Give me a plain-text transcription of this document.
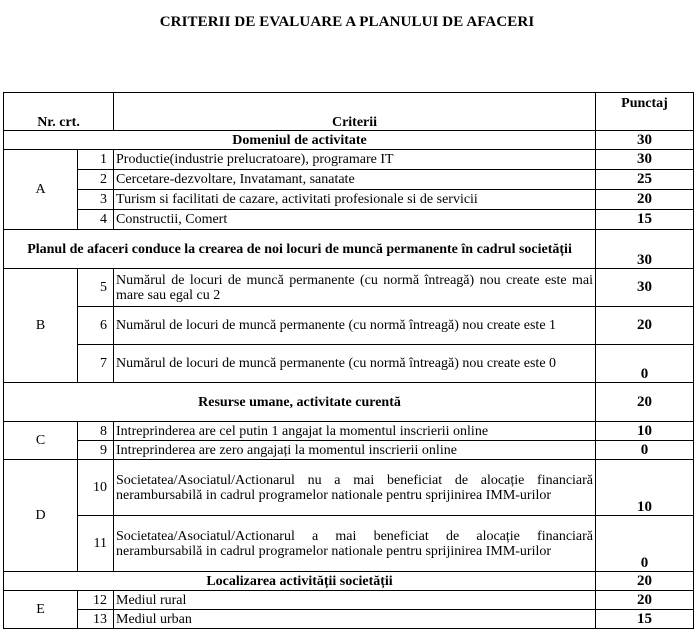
CRITERII DE EVALUARE A PLANULUI DE AFACERI
Nr. crt.		Criterii	Punctaj
Domeniul de activitate			30
A	1	Productie(industrie prelucratoare), programare IT	30
	2	Cercetare-dezvoltare, Invatamant, sanatate	25
	3	Turism si facilitati de cazare, activitati profesionale si de servicii	20
	4	Constructii, Comert	15
Planul de afaceri conduce la crearea de noi locuri de muncă permanente în cadrul societății			30
B	5	Numărul de locuri de muncă permanente (cu normă întreagă) nou create este mai mare sau egal cu 2	30
	6	Numărul de locuri de muncă permanente (cu normă întreagă) nou create este 1	20
	7	Numărul de locuri de muncă permanente (cu normă întreagă) nou create este 0	0
Resurse umane, activitate curentă			20
C	8	Intreprinderea are cel putin 1 angajat la momentul inscrierii online	10
	9	Intreprinderea are zero angajați la momentul inscrierii online	0
D	10	Societatea/Asociatul/Actionarul nu a mai beneficiat de alocație financiară nerambursabilă in cadrul programelor nationale pentru sprijinirea IMM-urilor	10
	11	Societatea/Asociatul/Actionarul a mai beneficiat de alocație financiară nerambursabilă in cadrul programelor nationale pentru sprijinirea IMM-urilor	0
Localizarea activității societății			20
E	12	Mediul rural	20
	13	Mediul urban	15
